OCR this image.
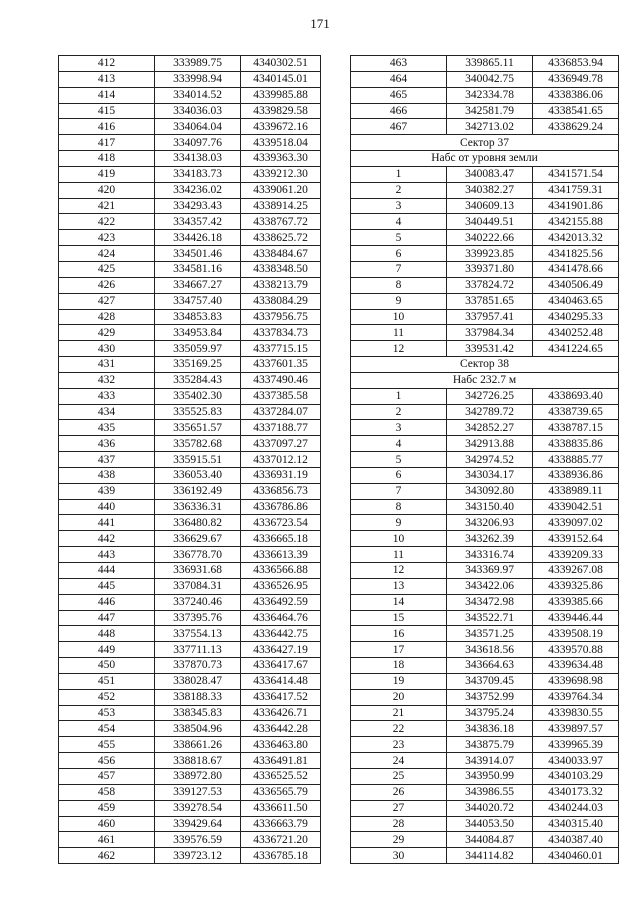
171
412	333989.75	4340302.51
413	333998.94	4340145.01
414	334014.52	4339985.88
415	334036.03	4339829.58
416	334064.04	4339672.16
417	334097.76	4339518.04
418	334138.03	4339363.30
419	334183.73	4339212.30
420	334236.02	4339061.20
421	334293.43	4338914.25
422	334357.42	4338767.72
423	334426.18	4338625.72
424	334501.46	4338484.67
425	334581.16	4338348.50
426	334667.27	4338213.79
427	334757.40	4338084.29
428	334853.83	4337956.75
429	334953.84	4337834.73
430	335059.97	4337715.15
431	335169.25	4337601.35
432	335284.43	4337490.46
433	335402.30	4337385.58
434	335525.83	4337284.07
435	335651.57	4337188.77
436	335782.68	4337097.27
437	335915.51	4337012.12
438	336053.40	4336931.19
439	336192.49	4336856.73
440	336336.31	4336786.86
441	336480.82	4336723.54
442	336629.67	4336665.18
443	336778.70	4336613.39
444	336931.68	4336566.88
445	337084.31	4336526.95
446	337240.46	4336492.59
447	337395.76	4336464.76
448	337554.13	4336442.75
449	337711.13	4336427.19
450	337870.73	4336417.67
451	338028.47	4336414.48
452	338188.33	4336417.52
453	338345.83	4336426.71
454	338504.96	4336442.28
455	338661.26	4336463.80
456	338818.67	4336491.81
457	338972.80	4336525.52
458	339127.53	4336565.79
459	339278.54	4336611.50
460	339429.64	4336663.79
461	339576.59	4336721.20
462	339723.12	4336785.18
463	339865.11	4336853.94
464	340042.75	4336949.78
465	342334.78	4338386.06
466	342581.79	4338541.65
467	342713.02	4338629.24
Сектор 37		
Набс от уровня земли		
1	340083.47	4341571.54
2	340382.27	4341759.31
3	340609.13	4341901.86
4	340449.51	4342155.88
5	340222.66	4342013.32
6	339923.85	4341825.56
7	339371.80	4341478.66
8	337824.72	4340506.49
9	337851.65	4340463.65
10	337957.41	4340295.33
11	337984.34	4340252.48
12	339531.42	4341224.65
Сектор 38		
Набс 232.7 м		
1	342726.25	4338693.40
2	342789.72	4338739.65
3	342852.27	4338787.15
4	342913.88	4338835.86
5	342974.52	4338885.77
6	343034.17	4338936.86
7	343092.80	4338989.11
8	343150.40	4339042.51
9	343206.93	4339097.02
10	343262.39	4339152.64
11	343316.74	4339209.33
12	343369.97	4339267.08
13	343422.06	4339325.86
14	343472.98	4339385.66
15	343522.71	4339446.44
16	343571.25	4339508.19
17	343618.56	4339570.88
18	343664.63	4339634.48
19	343709.45	4339698.98
20	343752.99	4339764.34
21	343795.24	4339830.55
22	343836.18	4339897.57
23	343875.79	4339965.39
24	343914.07	4340033.97
25	343950.99	4340103.29
26	343986.55	4340173.32
27	344020.72	4340244.03
28	344053.50	4340315.40
29	344084.87	4340387.40
30	344114.82	4340460.01
